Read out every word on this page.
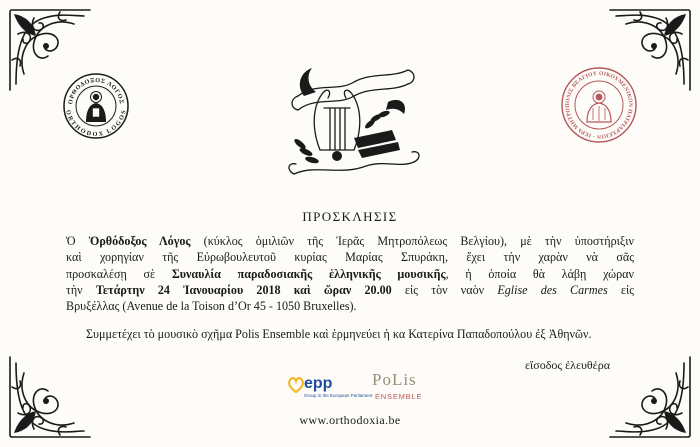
ΟΡΘΟΔΟΞΟΣ ΛΟΓΟΣ
ORTHODOX LOGOS
ΟΙΚΟΥΜΕΝΙΚΟΝ ΠΑΤΡΙΑΡΧΕΙΟΝ · ΙΕΡΑ ΜΗΤΡΟΠΟΛΙΣ ΒΕΛΓΙΟΥ
ΠΡΟΣΚΛΗΣΙΣ
Ὁ Ὀρθόδοξος Λόγος (κύκλος ὁμιλιῶν τῆς Ἱερᾶς Μητροπόλεως Βελγίου), μὲ τὴν ὑποστήριξιν
καὶ χορηγίαν τῆς Εὐρωβουλευτοῦ κυρίας Μαρίας Σπυράκη, ἔχει τὴν χαρὰν νὰ σᾶς
προσκαλέσῃ σὲ Συναυλία παραδοσιακῆς ἑλληνικῆς μουσικῆς, ἡ ὁποία θὰ λάβῃ χώραν
τὴν Τετάρτην 24 Ἰανουαρίου 2018 καὶ ὥραν 20.00 εἰς τὸν ναὸν Eglise des Carmes εἰς
Βρυξέλλας (Avenue de la Toison d’Or 45 - 1050 Bruxelles).
Συμμετέχει τὸ μουσικὸ σχῆμα Polis Ensemble καὶ ἑρμηνεύει ἡ κα Κατερίνα Παπαδοπούλου ἐξ Ἀθηνῶν.
εἴσοδος ἐλευθέρα
epp
Group in the European Parliament
PoLis
ENSEMBLE
www.orthodoxia.be
